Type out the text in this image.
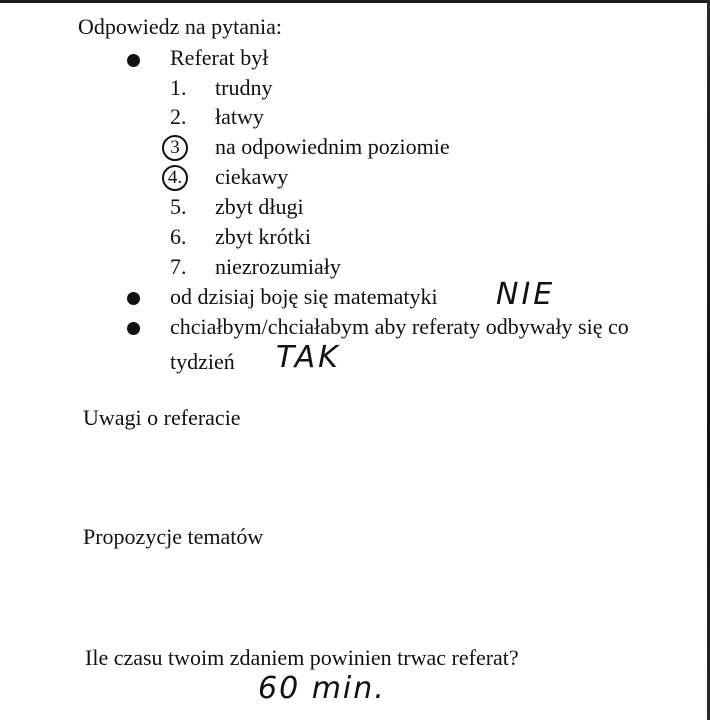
Odpowiedz na pytania:
Referat był
1.	trudny
2.	łatwy
3	na odpowiednim poziomie
4. ciekawy
5.	zbyt długi
6.	zbyt krótki
7.	niezrozumiały
od dzisiaj boję się matematyki NIE
chciałbym/chciałabym aby referaty odbywały się co
tydzień TAK
Uwagi o referacie
Propozycje tematów
Ile czasu twoim zdaniem powinien trwac referat?
60 min.
